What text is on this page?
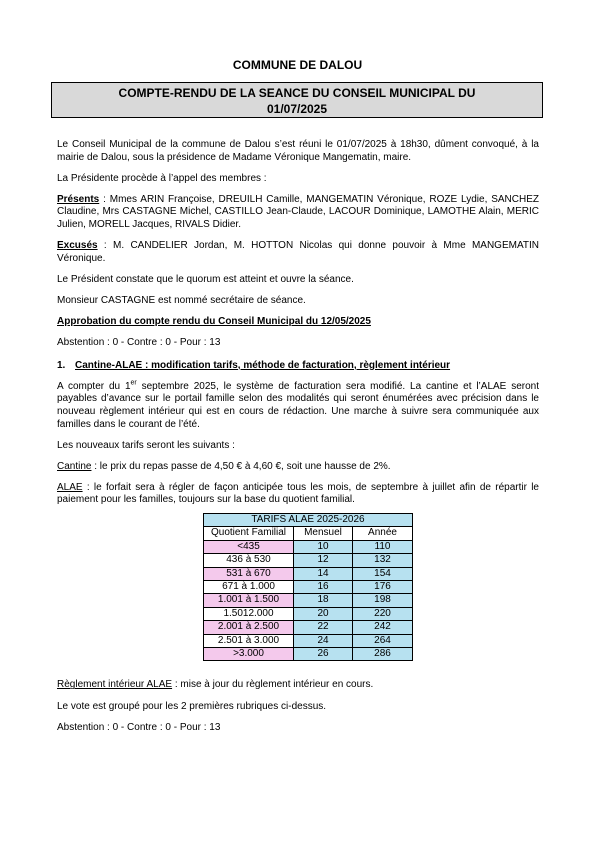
COMMUNE DE DALOU
COMPTE-RENDU DE LA SEANCE DU CONSEIL MUNICIPAL DU
01/07/2025

Le Conseil Municipal de la commune de Dalou s’est réuni le 01/07/2025 à 18h30, dûment convoqué, à la mairie de Dalou, sous la présidence de Madame Véronique Mangematin, maire.

La Présidente procède à l’appel des membres :

Présents : Mmes ARIN Françoise, DREUILH Camille, MANGEMATIN Véronique, ROZE Lydie, SANCHEZ Claudine, Mrs CASTAGNE Michel, CASTILLO Jean-Claude, LACOUR Dominique, LAMOTHE Alain, MERIC Julien, MORELL Jacques, RIVALS Didier.

Excusés : M. CANDELIER Jordan, M. HOTTON Nicolas qui donne pouvoir à Mme MANGEMATIN Véronique.

Le Président constate que le quorum est atteint et ouvre la séance.

Monsieur CASTAGNE est nommé secrétaire de séance.

Approbation du compte rendu du Conseil Municipal du 12/05/2025

Abstention : 0 - Contre : 0 - Pour : 13

1. Cantine-ALAE : modification tarifs, méthode de facturation, règlement intérieur

A compter du 1er septembre 2025, le système de facturation sera modifié. La cantine et l’ALAE seront payables d’avance sur le portail famille selon des modalités qui seront énumérées avec précision dans le nouveau règlement intérieur qui est en cours de rédaction. Une marche à suivre sera communiquée aux familles dans le courant de l’été.

Les nouveaux tarifs seront les suivants :

Cantine : le prix du repas passe de 4,50 € à 4,60 €, soit une hausse de 2%.

ALAE : le forfait sera à régler de façon anticipée tous les mois, de septembre à juillet afin de répartir le paiement pour les familles, toujours sur la base du quotient familial.

TARIFS ALAE 2025-2026		
Quotient Familial	Mensuel	Année
<435	10	110
436 à 530	12	132
531 à 670	14	154
671 à 1.000	16	176
1.001 à 1.500	18	198
1.5012.000	20	220
2.001 à 2.500	22	242
2.501 à 3.000	24	264
>3.000	26	286

Règlement intérieur ALAE : mise à jour du règlement intérieur en cours.

Le vote est groupé pour les 2 premières rubriques ci-dessus.

Abstention : 0 - Contre : 0 - Pour : 13
